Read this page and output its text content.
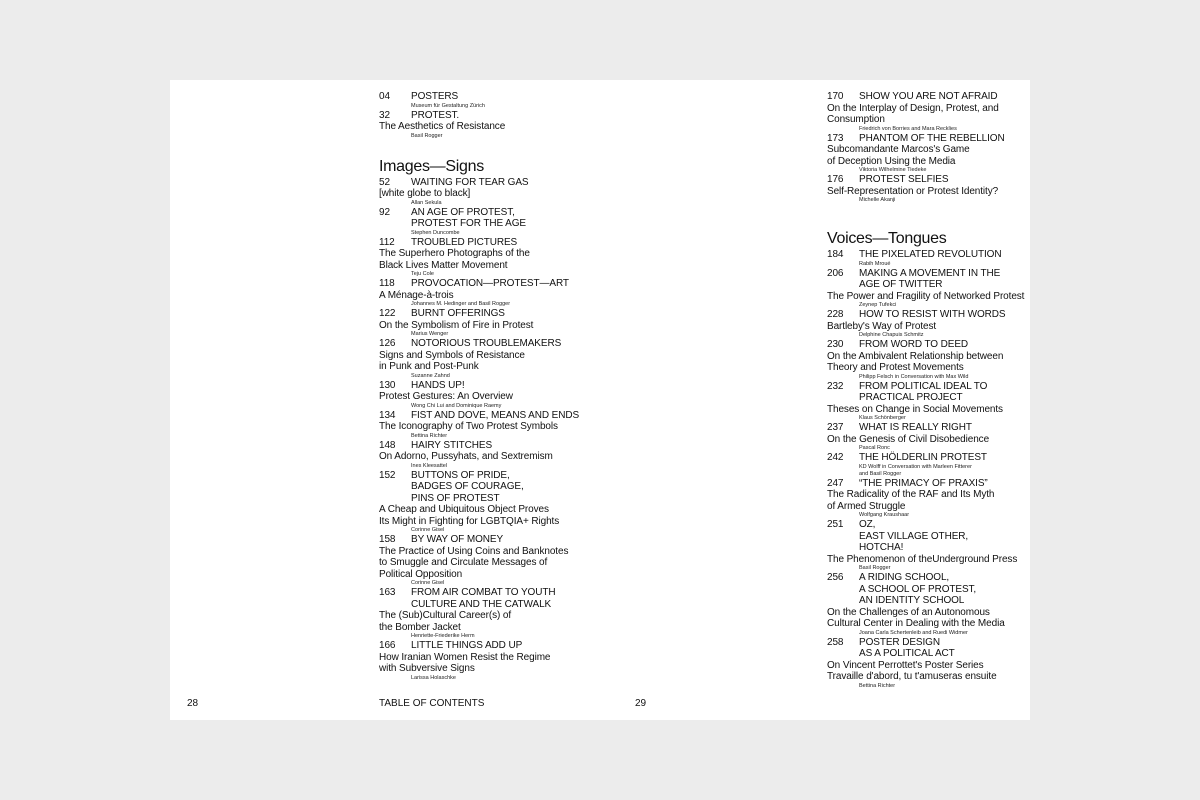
04	POSTERS
Museum für Gestaltung Zürich
32	PROTEST.
The Aesthetics of Resistance
Basil Rogger
Images—Signs
52	WAITING FOR TEAR GAS
[white globe to black]
Allan Sekula
92	AN AGE OF PROTEST,
PROTEST FOR THE AGE
Stephen Duncombe
112	TROUBLED PICTURES
The Superhero Photographs of the
Black Lives Matter Movement
Teju Cole
118	PROVOCATION—PROTEST—ART
A Ménage-à-trois
Johannes M. Hedinger and Basil Rogger
122	BURNT OFFERINGS
On the Symbolism of Fire in Protest
Marius Wenger
126	NOTORIOUS TROUBLEMAKERS
Signs and Symbols of Resistance
in Punk and Post-Punk
Suzanne Zahnd
130	HANDS UP!
Protest Gestures: An Overview
Wong Chi Lui and Dominique Raemy
134	FIST AND DOVE, MEANS AND ENDS
The Iconography of Two Protest Symbols
Bettina Richter
148	HAIRY STITCHES
On Adorno, Pussyhats, and Sextremism
Ines Kleesattel
152	BUTTONS OF PRIDE,
BADGES OF COURAGE,
PINS OF PROTEST
A Cheap and Ubiquitous Object Proves
Its Might in Fighting for LGBTQIA+ Rights
Corinne Gisel
158	BY WAY OF MONEY
The Practice of Using Coins and Banknotes
to Smuggle and Circulate Messages of
Political Opposition
Corinne Gisel
163	FROM AIR COMBAT TO YOUTH
CULTURE AND THE CATWALK
The (Sub)Cultural Career(s) of
the Bomber Jacket
Henriette-Friederike Herm
166	LITTLE THINGS ADD UP
How Iranian Women Resist the Regime
with Subversive Signs
Larissa Holaschke
170	SHOW YOU ARE NOT AFRAID
On the Interplay of Design, Protest, and
Consumption
Friedrich von Borries and Mara Recklies
173	PHANTOM OF THE REBELLION
Subcomandante Marcos's Game
of Deception Using the Media
Viktoria Wilhelmine Tiedeke
176	PROTEST SELFIES
Self-Representation or Protest Identity?
Michelle Akanji
Voices—Tongues
184	THE PIXELATED REVOLUTION
Rabih Mroué
206	MAKING A MOVEMENT IN THE
AGE OF TWITTER
The Power and Fragility of Networked Protest
Zeynep Tufekci
228	HOW TO RESIST WITH WORDS
Bartleby's Way of Protest
Delphine Chapuis Schmitz
230	FROM WORD TO DEED
On the Ambivalent Relationship between
Theory and Protest Movements
Philipp Felsch in Conversation with Max Wild
232	FROM POLITICAL IDEAL TO
PRACTICAL PROJECT
Theses on Change in Social Movements
Klaus Schönberger
237	WHAT IS REALLY RIGHT
On the Genesis of Civil Disobedience
Pascal Ronc
242	THE HÖLDERLIN PROTEST
KD Wolff in Conversation with Marleen Fitterer
and Basil Rogger
247	“THE PRIMACY OF PRAXIS”
The Radicality of the RAF and Its Myth
of Armed Struggle
Wolfgang Kraushaar
251	OZ,
EAST VILLAGE OTHER,
HOTCHA!
The Phenomenon of theUnderground Press
Basil Rogger
256	A RIDING SCHOOL,
A SCHOOL OF PROTEST,
AN IDENTITY SCHOOL
On the Challenges of an Autonomous
Cultural Center in Dealing with the Media
Joana Carla Schertenleib and Ruedi Widmer
258	POSTER DESIGN
AS A POLITICAL ACT
On Vincent Perrottet's Poster Series
Travaille d'abord, tu t'amuseras ensuite
Bettina Richter
28	TABLE OF CONTENTS	29
